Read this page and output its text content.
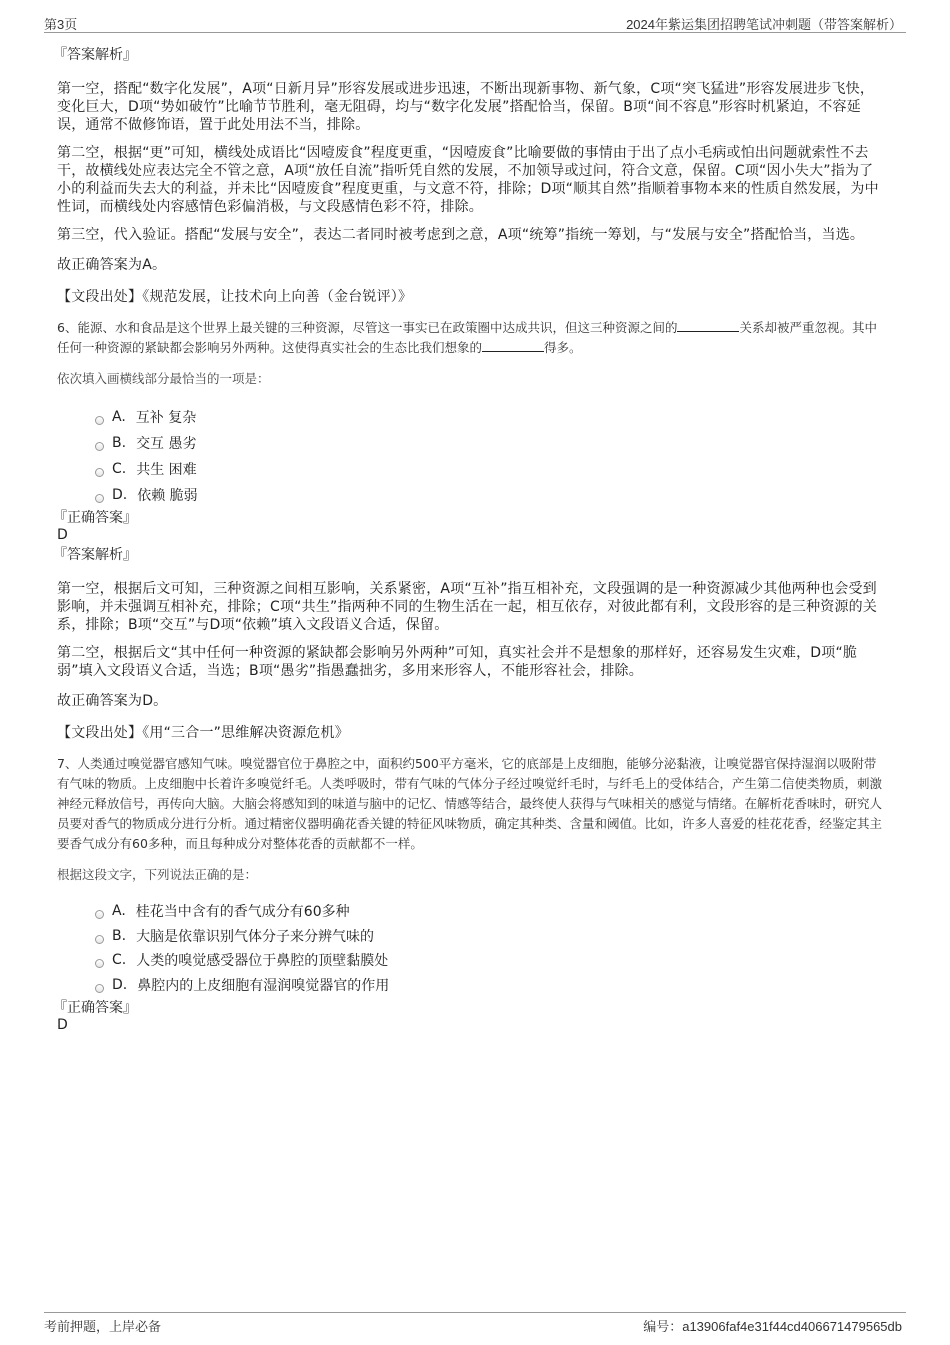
第3页	2024年紫运集团招聘笔试冲刺题（带答案解析）
『答案解析』

第一空，搭配“数字化发展”，A项“日新月异”形容发展或进步迅速，不断出现新事物、新气象，C项“突飞猛进”形容发展进步飞快，变化巨大，D项“势如破竹”比喻节节胜利，毫无阻碍，均与“数字化发展”搭配恰当，保留。B项“间不容息”形容时机紧迫，不容延误，通常不做修饰语，置于此处用法不当，排除。

第二空，根据“更”可知，横线处成语比“因噎废食”程度更重，“因噎废食”比喻要做的事情由于出了点小毛病或怕出问题就索性不去干，故横线处应表达完全不管之意，A项“放任自流”指听凭自然的发展，不加领导或过问，符合文意，保留。C项“因小失大”指为了小的利益而失去大的利益，并未比“因噎废食”程度更重，与文意不符，排除；D项“顺其自然”指顺着事物本来的性质自然发展，为中性词，而横线处内容感情色彩偏消极，与文段感情色彩不符，排除。

第三空，代入验证。搭配“发展与安全”，表达二者同时被考虑到之意，A项“统筹”指统一筹划，与“发展与安全”搭配恰当，当选。

故正确答案为A。

【文段出处】《规范发展，让技术向上向善（金台锐评）》

6、能源、水和食品是这个世界上最关键的三种资源，尽管这一事实已在政策圈中达成共识，但这三种资源之间的	关系却被严重忽视。其中任何一种资源的紧缺都会影响另外两种。这使得真实社会的生态比我们想象的	得多。

依次填入画横线部分最恰当的一项是：
A. 互补 复杂
B. 交互 愚劣
C. 共生 困难
D. 依赖 脆弱
『正确答案』
D
『答案解析』

第一空，根据后文可知，三种资源之间相互影响，关系紧密，A项“互补”指互相补充，文段强调的是一种资源减少其他两种也会受到影响，并未强调互相补充，排除；C项“共生”指两种不同的生物生活在一起，相互依存，对彼此都有利，文段形容的是三种资源的关系，排除；B项“交互”与D项“依赖”填入文段语义合适，保留。

第二空，根据后文“其中任何一种资源的紧缺都会影响另外两种”可知，真实社会并不是想象的那样好，还容易发生灾难，D项“脆弱”填入文段语义合适，当选；B项“愚劣”指愚蠢拙劣，多用来形容人，不能形容社会，排除。

故正确答案为D。

【文段出处】《用“三合一”思维解决资源危机》

7、人类通过嗅觉器官感知气味。嗅觉器官位于鼻腔之中，面积约500平方毫米，它的底部是上皮细胞，能够分泌黏液，让嗅觉器官保持湿润以吸附带有气味的物质。上皮细胞中长着许多嗅觉纤毛。人类呼吸时，带有气味的气体分子经过嗅觉纤毛时，与纤毛上的受体结合，产生第二信使类物质，刺激神经元释放信号，再传向大脑。大脑会将感知到的味道与脑中的记忆、情感等结合，最终使人获得与气味相关的感觉与情绪。在解析花香味时，研究人员要对香气的物质成分进行分析。通过精密仪器明确花香关键的特征风味物质，确定其种类、含量和阈值。比如，许多人喜爱的桂花花香，经鉴定其主要香气成分有60多种，而且每种成分对整体花香的贡献都不一样。

根据这段文字，下列说法正确的是：
A. 桂花当中含有的香气成分有60多种
B. 大脑是依靠识别气体分子来分辨气味的
C. 人类的嗅觉感受器位于鼻腔的顶壁黏膜处
D. 鼻腔内的上皮细胞有湿润嗅觉器官的作用
『正确答案』
D
考前押题，上岸必备	编号：a13906faf4e31f44cd406671479565db
